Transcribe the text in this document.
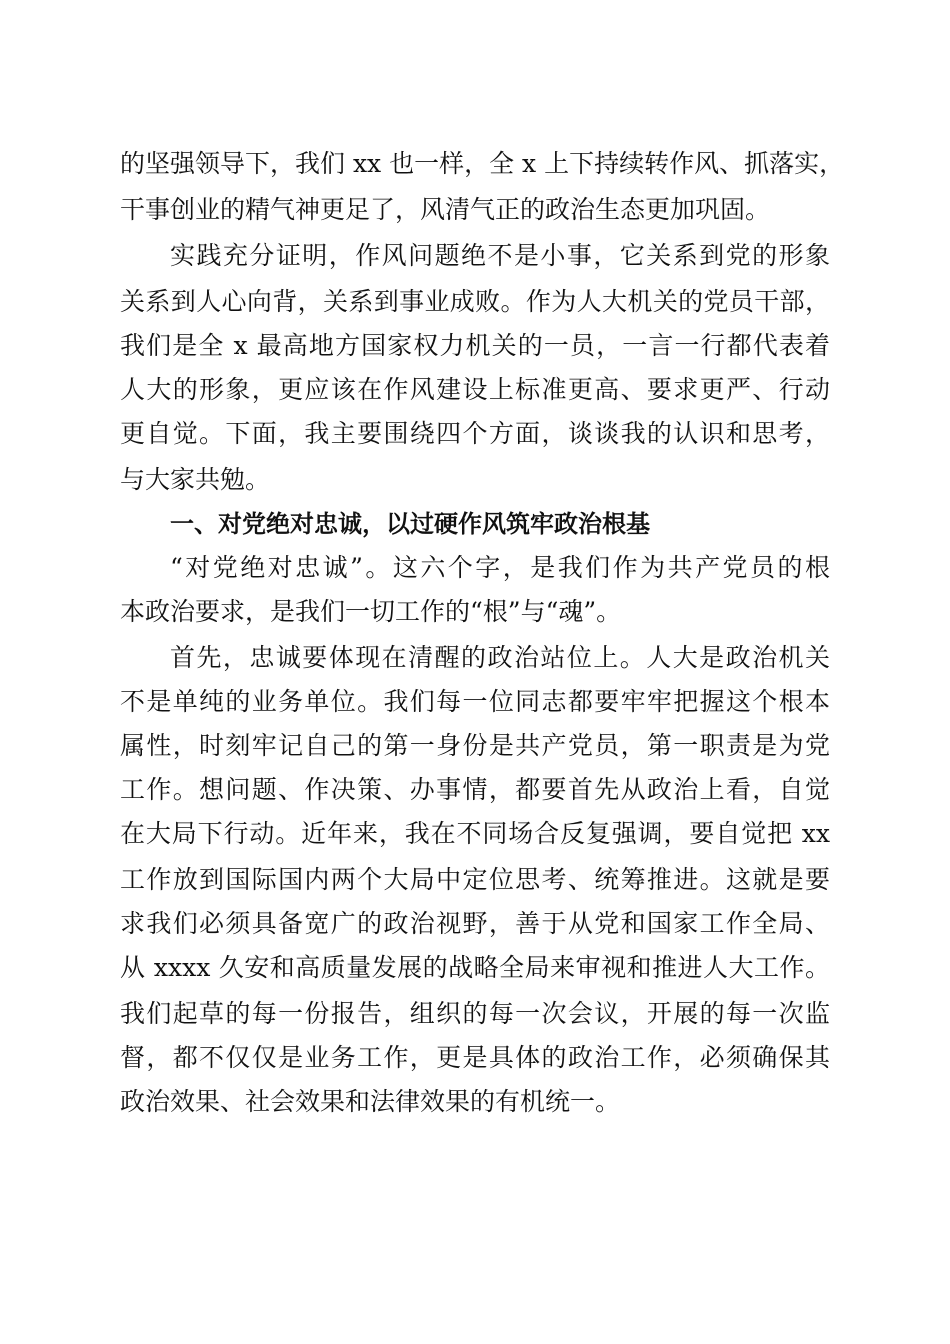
的坚强领导下，我们 xx 也一样，全 x 上下持续转作风、抓落实，
干事创业的精气神更足了，风清气正的政治生态更加巩固。
实践充分证明，作风问题绝不是小事，它关系到党的形象
关系到人心向背，关系到事业成败。作为人大机关的党员干部，
我们是全 x 最高地方国家权力机关的一员，一言一行都代表着
人大的形象，更应该在作风建设上标准更高、要求更严、行动
更自觉。下面，我主要围绕四个方面，谈谈我的认识和思考，
与大家共勉。
一、对党绝对忠诚，以过硬作风筑牢政治根基
“对党绝对忠诚”。这六个字，是我们作为共产党员的根
本政治要求，是我们一切工作的“根”与“魂”。
首先，忠诚要体现在清醒的政治站位上。人大是政治机关
不是单纯的业务单位。我们每一位同志都要牢牢把握这个根本
属性，时刻牢记自己的第一身份是共产党员，第一职责是为党
工作。想问题、作决策、办事情，都要首先从政治上看，自觉
在大局下行动。近年来，我在不同场合反复强调，要自觉把 xx
工作放到国际国内两个大局中定位思考、统筹推进。这就是要
求我们必须具备宽广的政治视野，善于从党和国家工作全局、
从 xxxx 久安和高质量发展的战略全局来审视和推进人大工作。
我们起草的每一份报告，组织的每一次会议，开展的每一次监
督，都不仅仅是业务工作，更是具体的政治工作，必须确保其
政治效果、社会效果和法律效果的有机统一。
